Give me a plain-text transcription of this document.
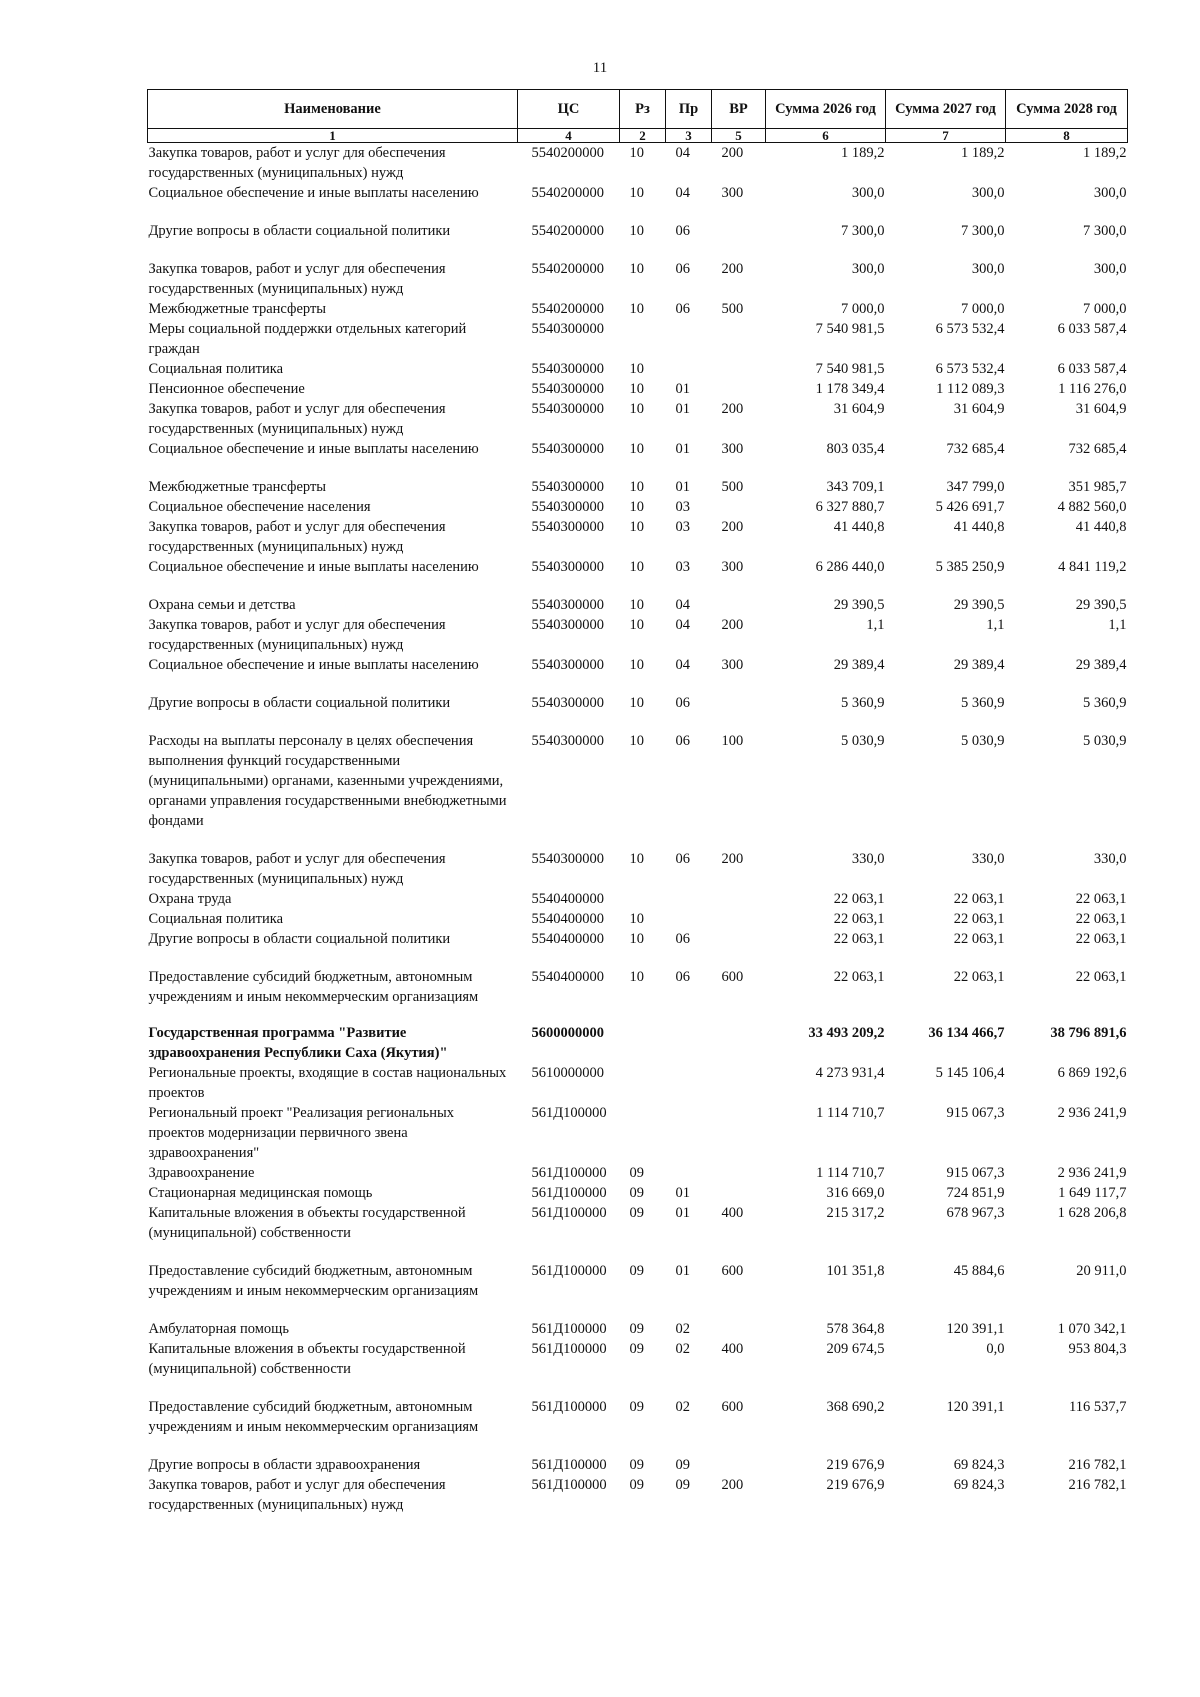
11
Наименование	ЦС	Рз	Пр	ВР	Сумма 2026 год	Сумма 2027 год	Сумма 2028 год
1	4	2	3	5	6	7	8
Закупка товаров, работ и услуг для обеспечения государственных (муниципальных) нужд	5540200000	10	04	200	1 189,2	1 189,2	1 189,2
Социальное обеспечение и иные выплаты населению	5540200000	10	04	300	300,0	300,0	300,0
Другие вопросы в области социальной политики	5540200000	10	06		7 300,0	7 300,0	7 300,0
Закупка товаров, работ и услуг для обеспечения государственных (муниципальных) нужд	5540200000	10	06	200	300,0	300,0	300,0
Межбюджетные трансферты	5540200000	10	06	500	7 000,0	7 000,0	7 000,0
Меры социальной поддержки отдельных категорий граждан	5540300000				7 540 981,5	6 573 532,4	6 033 587,4
Социальная политика	5540300000	10			7 540 981,5	6 573 532,4	6 033 587,4
Пенсионное обеспечение	5540300000	10	01		1 178 349,4	1 112 089,3	1 116 276,0
Закупка товаров, работ и услуг для обеспечения государственных (муниципальных) нужд	5540300000	10	01	200	31 604,9	31 604,9	31 604,9
Социальное обеспечение и иные выплаты населению	5540300000	10	01	300	803 035,4	732 685,4	732 685,4
Межбюджетные трансферты	5540300000	10	01	500	343 709,1	347 799,0	351 985,7
Социальное обеспечение населения	5540300000	10	03		6 327 880,7	5 426 691,7	4 882 560,0
Закупка товаров, работ и услуг для обеспечения государственных (муниципальных) нужд	5540300000	10	03	200	41 440,8	41 440,8	41 440,8
Социальное обеспечение и иные выплаты населению	5540300000	10	03	300	6 286 440,0	5 385 250,9	4 841 119,2
Охрана семьи и детства	5540300000	10	04		29 390,5	29 390,5	29 390,5
Закупка товаров, работ и услуг для обеспечения государственных (муниципальных) нужд	5540300000	10	04	200	1,1	1,1	1,1
Социальное обеспечение и иные выплаты населению	5540300000	10	04	300	29 389,4	29 389,4	29 389,4
Другие вопросы в области социальной политики	5540300000	10	06		5 360,9	5 360,9	5 360,9
Расходы на выплаты персоналу в целях обеспечения выполнения функций государственными (муниципальными) органами, казенными учреждениями, органами управления государственными внебюджетными фондами	5540300000	10	06	100	5 030,9	5 030,9	5 030,9
Закупка товаров, работ и услуг для обеспечения государственных (муниципальных) нужд	5540300000	10	06	200	330,0	330,0	330,0
Охрана труда	5540400000				22 063,1	22 063,1	22 063,1
Социальная политика	5540400000	10			22 063,1	22 063,1	22 063,1
Другие вопросы в области социальной политики	5540400000	10	06		22 063,1	22 063,1	22 063,1
Предоставление субсидий бюджетным, автономным учреждениям и иным некоммерческим организациям	5540400000	10	06	600	22 063,1	22 063,1	22 063,1
Государственная программа "Развитие здравоохранения Республики Саха (Якутия)"	5600000000				33 493 209,2	36 134 466,7	38 796 891,6
Региональные проекты, входящие в состав национальных проектов	5610000000				4 273 931,4	5 145 106,4	6 869 192,6
Региональный проект "Реализация региональных проектов модернизации первичного звена здравоохранения"	561Д100000				1 114 710,7	915 067,3	2 936 241,9
Здравоохранение	561Д100000	09			1 114 710,7	915 067,3	2 936 241,9
Стационарная медицинская помощь	561Д100000	09	01		316 669,0	724 851,9	1 649 117,7
Капитальные вложения в объекты государственной (муниципальной) собственности	561Д100000	09	01	400	215 317,2	678 967,3	1 628 206,8
Предоставление субсидий бюджетным, автономным учреждениям и иным некоммерческим организациям	561Д100000	09	01	600	101 351,8	45 884,6	20 911,0
Амбулаторная помощь	561Д100000	09	02		578 364,8	120 391,1	1 070 342,1
Капитальные вложения в объекты государственной (муниципальной) собственности	561Д100000	09	02	400	209 674,5	0,0	953 804,3
Предоставление субсидий бюджетным, автономным учреждениям и иным некоммерческим организациям	561Д100000	09	02	600	368 690,2	120 391,1	116 537,7
Другие вопросы в области здравоохранения	561Д100000	09	09		219 676,9	69 824,3	216 782,1
Закупка товаров, работ и услуг для обеспечения государственных (муниципальных) нужд	561Д100000	09	09	200	219 676,9	69 824,3	216 782,1
